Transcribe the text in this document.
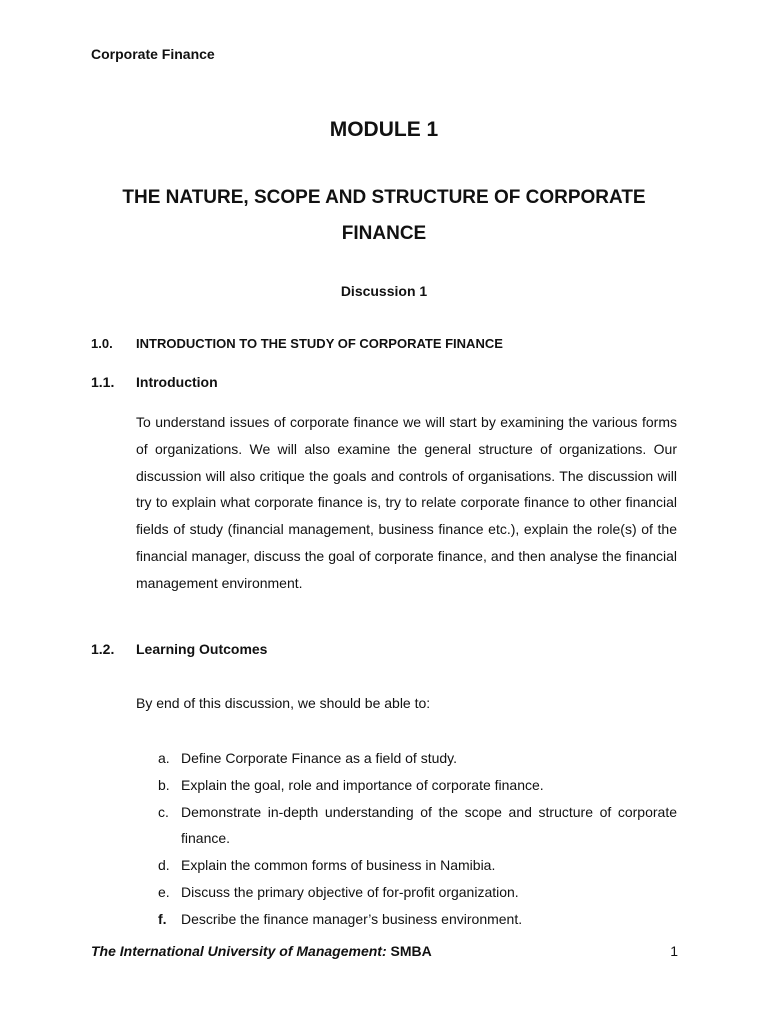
Corporate Finance
MODULE 1
THE NATURE, SCOPE AND STRUCTURE OF CORPORATE FINANCE
Discussion 1
1.0. INTRODUCTION TO THE STUDY OF CORPORATE FINANCE
1.1. Introduction
To understand issues of corporate finance we will start by examining the various forms of organizations. We will also examine the general structure of organizations. Our discussion will also critique the goals and controls of organisations. The discussion will try to explain what corporate finance is, try to relate corporate finance to other financial fields of study (financial management, business finance etc.), explain the role(s) of the financial manager, discuss the goal of corporate finance, and then analyse the financial management environment.
1.2. Learning Outcomes
By end of this discussion, we should be able to:
a. Define Corporate Finance as a field of study.
b. Explain the goal, role and importance of corporate finance.
c. Demonstrate in-depth understanding of the scope and structure of corporate finance.
d. Explain the common forms of business in Namibia.
e. Discuss the primary objective of for-profit organization.
f. Describe the finance manager’s business environment.
The International University of Management: SMBA	1
